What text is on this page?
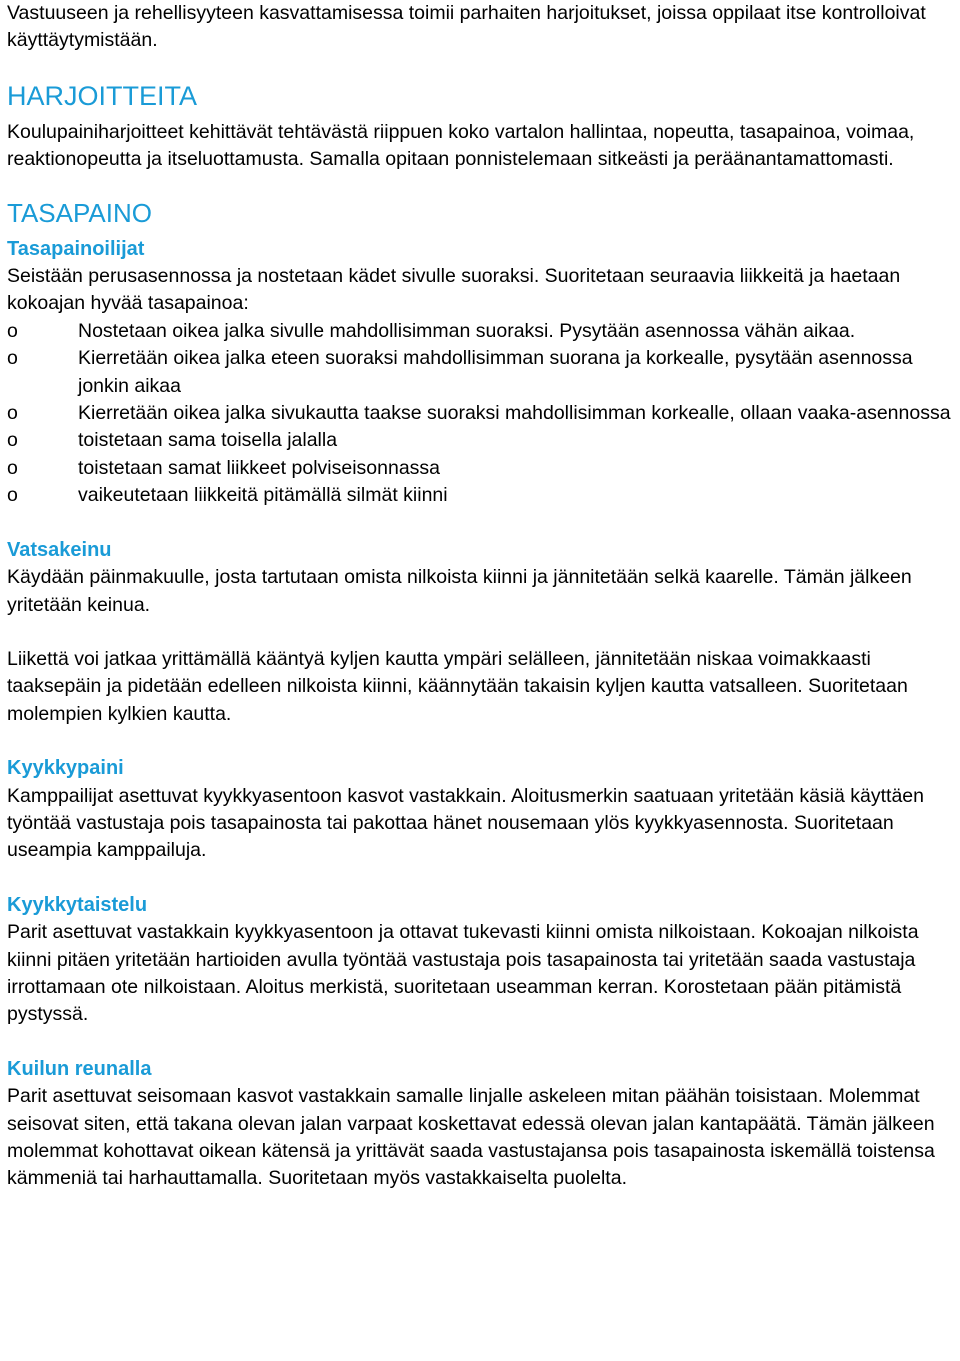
Vastuuseen ja rehellisyyteen kasvattamisessa toimii parhaiten harjoitukset, joissa oppilaat itse kontrolloivat käyttäytymistään.

HARJOITTEITA

Koulupainiharjoitteet kehittävät tehtävästä riippuen koko vartalon hallintaa, nopeutta, tasapainoa, voimaa, reaktionopeutta ja itseluottamusta. Samalla opitaan ponnistelemaan sitkeästi ja peräänantamattomasti.

TASAPAINO
Tasapainoilijat

Seistään perusasennossa ja nostetaan kädet sivulle suoraksi. Suoritetaan seuraavia liikkeitä ja haetaan kokoajan hyvää tasapainoa:

o	Nostetaan oikea jalka sivulle mahdollisimman suoraksi. Pysytään asennossa vähän aikaa.
o	Kierretään oikea jalka eteen suoraksi mahdollisimman suorana ja korkealle, pysytään asennossa jonkin aikaa
o	Kierretään oikea jalka sivukautta taakse suoraksi mahdollisimman korkealle, ollaan vaaka-asennossa
o	toistetaan sama toisella jalalla
o	toistetaan samat liikkeet polviseisonnassa
o	vaikeutetaan liikkeitä pitämällä silmät kiinni
Vatsakeinu

Käydään päinmakuulle, josta tartutaan omista nilkoista kiinni ja jännitetään selkä kaarelle. Tämän jälkeen yritetään keinua.

Liikettä voi jatkaa yrittämällä kääntyä kyljen kautta ympäri selälleen, jännitetään niskaa voimakkaasti taaksepäin ja pidetään edelleen nilkoista kiinni, käännytään takaisin kyljen kautta vatsalleen. Suoritetaan molempien kylkien kautta.

Kyykkypaini

Kamppailijat asettuvat kyykkyasentoon kasvot vastakkain. Aloitusmerkin saatuaan yritetään käsiä käyttäen työntää vastustaja pois tasapainosta tai pakottaa hänet nousemaan ylös kyykkyasennosta. Suoritetaan useampia kamppailuja.

Kyykkytaistelu

Parit asettuvat vastakkain kyykkyasentoon ja ottavat tukevasti kiinni omista nilkoistaan. Kokoajan nilkoista kiinni pitäen yritetään hartioiden avulla työntää vastustaja pois tasapainosta tai yritetään saada vastustaja irrottamaan ote nilkoistaan. Aloitus merkistä, suoritetaan useamman kerran. Korostetaan pään pitämistä pystyssä.

Kuilun reunalla

Parit asettuvat seisomaan kasvot vastakkain samalle linjalle askeleen mitan päähän toisistaan. Molemmat seisovat siten, että takana olevan jalan varpaat koskettavat edessä olevan jalan kantapäätä. Tämän jälkeen molemmat kohottavat oikean kätensä ja yrittävät saada vastustajansa pois tasapainosta iskemällä toistensa kämmeniä tai harhauttamalla. Suoritetaan myös vastakkaiselta puolelta.
